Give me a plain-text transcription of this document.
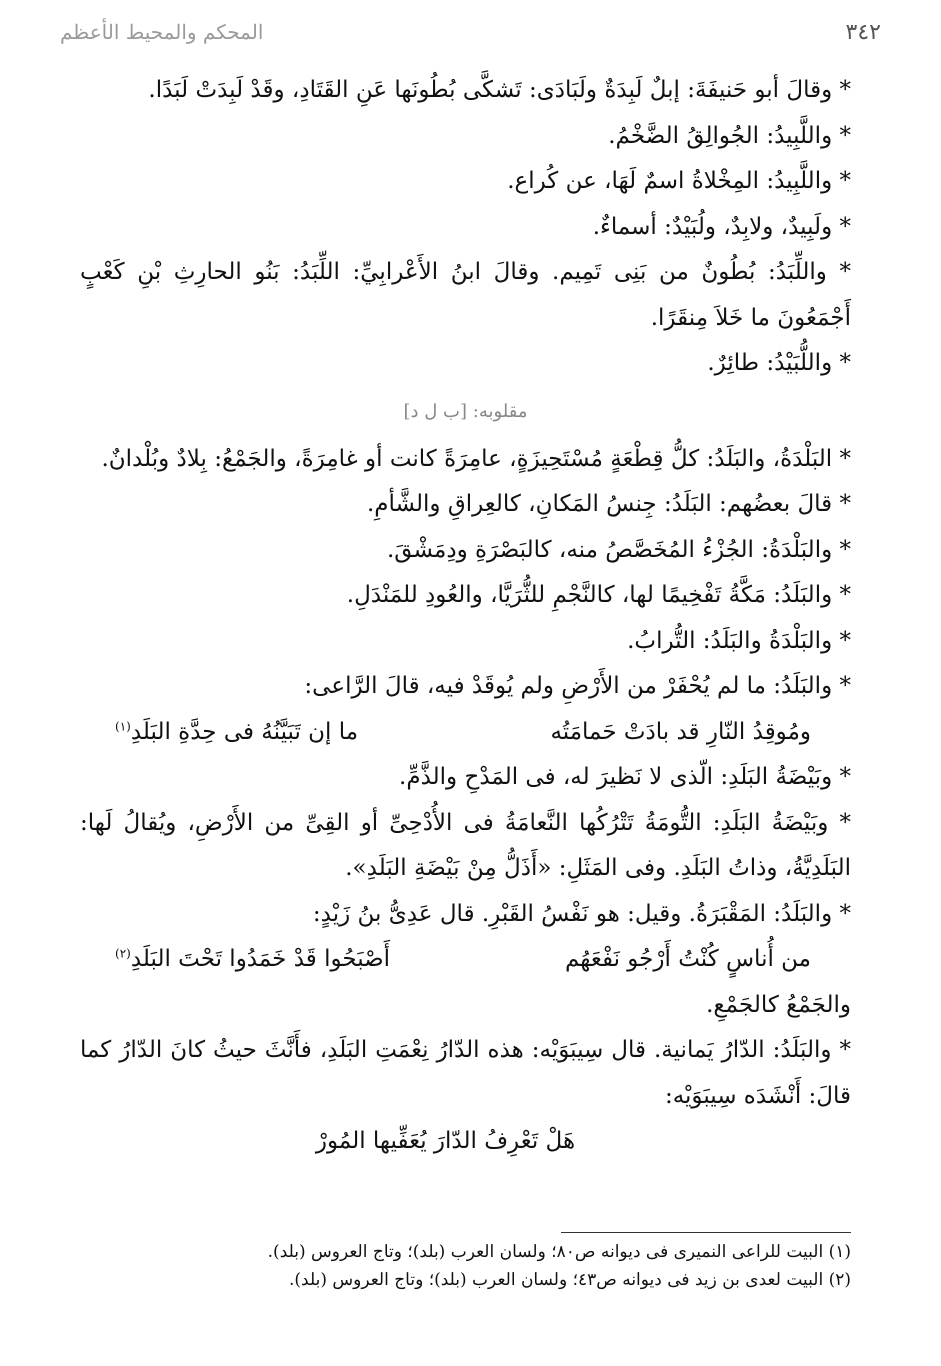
٣٤٢
المحكم والمحيط الأعظم

* وقالَ أبو حَنيفَةَ: إبلٌ لَبِدَةٌ ولَبَادَى: تَشكَّى بُطُونَها عَنِ القَتَادِ، وقَدْ لَبِدَتْ لَبَدًا.

* واللَّبِيدُ: الجُوالِقُ الضَّخْمُ.

* واللَّبِيدُ: المِخْلاةُ اسمٌ لَهَا، عن كُراع.

* ولَبِيدٌ، ولابِدٌ، ولُبَيْدٌ: أسماءٌ.

* واللِّبَدُ: بُطُونٌ من بَنِى تَمِيم. وقالَ ابنُ الأَعْرابِيِّ: اللِّبَدُ: بَنُو الحارِثِ بْنِ كَعْبٍ أَجْمَعُونَ ما خَلاَ مِنقَرًا.

* واللُّبَيْدُ: طائِرٌ.

مقلوبه: [ب ل د]

* البَلْدَةُ، والبَلَدُ: كلُّ قِطْعَةٍ مُسْتَحِيزَةٍ، عامِرَةً كانت أو غامِرَةً، والجَمْعُ: بِلادٌ وبُلْدانٌ.

* قالَ بعضُهم: البَلَدُ: جِنسُ المَكانِ، كالعِراقِ والشَّأمِ.

* والبَلْدَةُ: الجُزْءُ المُخَصَّصُ منه، كالبَصْرَةِ ودِمَشْقَ.

* والبَلَدُ: مَكَّةُ تَفْخِيمًا لها، كالنَّجْمِ للثُّرَيَّا، والعُودِ للمَنْدَلِ.

* والبَلْدَةُ والبَلَدُ: التُّرابُ.

* والبَلَدُ: ما لم يُحْفَرْ من الأَرْضِ ولم يُوقَدْ فيه، قالَ الرَّاعى:

ومُوقِدُ النّارِ قد بادَتْ حَمامَتُه
ما إن تَبَيَّنُهُ فى حِدَّةِ البَلَدِ$^{(١)}$

* وبَيْضَةُ البَلَدِ: الّذى لا نَظيرَ له، فى المَدْحِ والذَّمِّ.

* وبَيْضَةُ البَلَدِ: التُّومَةُ تَتْرُكُها النَّعامَةُ فى الأُدْحِىِّ أو القِىِّ من الأَرْضِ، ويُقالُ لَها: البَلَدِيَّةُ، وذاتُ البَلَدِ. وفى المَثَلِ: «أَذَلُّ مِنْ بَيْضَةِ البَلَدِ».

* والبَلَدُ: المَقْبَرَةُ. وقيل: هو نَفْسُ القَبْرِ. قال عَدِىُّ بنُ زَيْدٍ:

من أُناسٍ كُنْتُ أَرْجُو نَفْعَهُم
أَصْبَحُوا قَدْ خَمَدُوا تَحْتَ البَلَدِ$^{(٢)}$

والجَمْعُ كالجَمْعِ.

* والبَلَدُ: الدّارُ يَمانية. قال سِيبَوَيْه: هذه الدّارُ نِعْمَتِ البَلَدِ، فأَنَّثَ حيثُ كانَ الدّارُ كما قالَ: أَنْشَدَه سِيبَوَيْه:

هَلْ تَعْرِفُ الدّارَ يُعَفِّيها المُورْ

(١) البيت للراعى النميرى فى ديوانه ص٨٠؛ ولسان العرب (بلد)؛ وتاج العروس (بلد).

(٢) البيت لعدى بن زيد فى ديوانه ص٤٣؛ ولسان العرب (بلد)؛ وتاج العروس (بلد).
